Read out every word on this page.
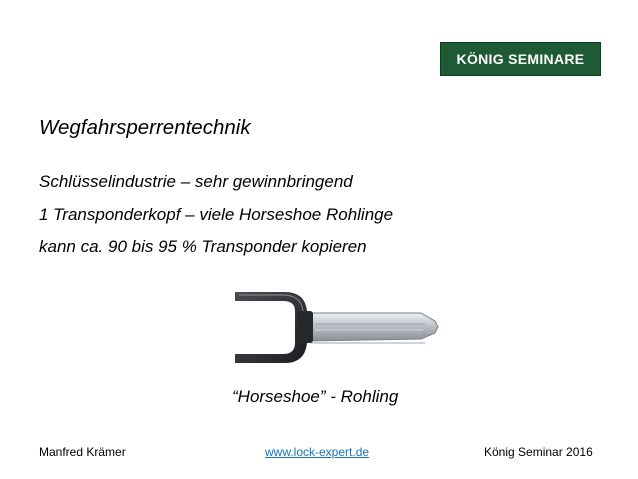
KÖNIG SEMINARE
Wegfahrsperrentechnik
Schlüsselindustrie – sehr gewinnbringend
1 Transponderkopf – viele Horseshoe Rohlinge
kann ca. 90 bis 95 % Transponder kopieren
“Horseshoe” - Rohling
Manfred Krämer	www.lock-expert.de	König Seminar 2016
